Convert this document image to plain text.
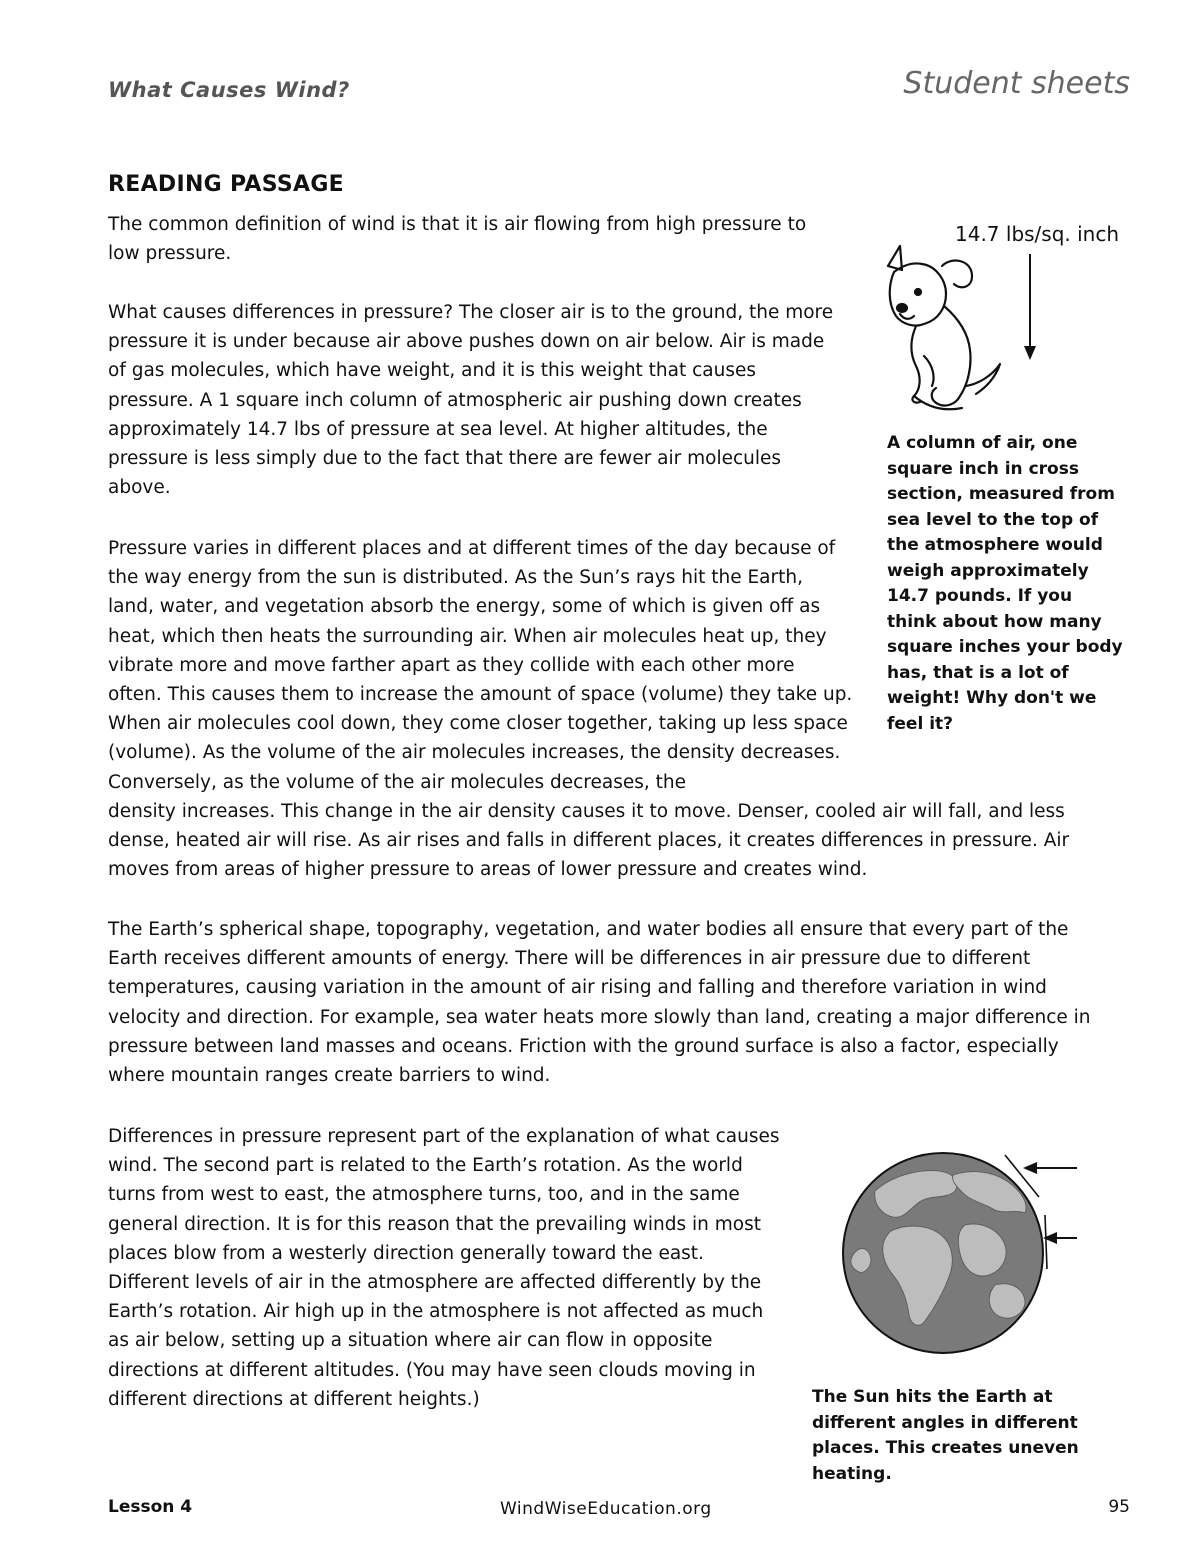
What Causes Wind?	Student sheets
READING PASSAGE

The common definition of wind is that it is air flowing from high pressure to low pressure.

What causes differences in pressure? The closer air is to the ground, the more pressure it is under because air above pushes down on air below. Air is made of gas molecules, which have weight, and it is this weight that causes pressure. A 1 square inch column of atmospheric air pushing down creates approximately 14.7 lbs of pressure at sea level. At higher altitudes, the pressure is less simply due to the fact that there are fewer air molecules above.

Pressure varies in different places and at different times of the day because of the way energy from the sun is distributed. As the Sun’s rays hit the Earth, land, water, and vegetation absorb the energy, some of which is given off as heat, which then heats the surrounding air. When air molecules heat up, they vibrate more and move farther apart as they collide with each other more often. This causes them to increase the amount of space (volume) they take up. When air molecules cool down, they come closer together, taking up less space (volume). As the volume of the air molecules increases, the density decreases. Conversely, as the volume of the air molecules decreases, the

density increases. This change in the air density causes it to move. Denser, cooled air will fall, and less dense, heated air will rise. As air rises and falls in different places, it creates differences in pressure. Air moves from areas of higher pressure to areas of lower pressure and creates wind.

The Earth’s spherical shape, topography, vegetation, and water bodies all ensure that every part of the Earth receives different amounts of energy. There will be differences in air pressure due to different temperatures, causing variation in the amount of air rising and falling and therefore variation in wind velocity and direction. For example, sea water heats more slowly than land, creating a major difference in pressure between land masses and oceans. Friction with the ground surface is also a factor, especially where mountain ranges create barriers to wind.

Differences in pressure represent part of the explanation of what causes wind. The second part is related to the Earth’s rotation. As the world turns from west to east, the atmosphere turns, too, and in the same general direction. It is for this reason that the prevailing winds in most places blow from a westerly direction generally toward the east. Different levels of air in the atmosphere are affected differently by the Earth’s rotation. Air high up in the atmosphere is not affected as much as air below, setting up a situation where air can flow in opposite directions at different altitudes. (You may have seen clouds moving in different directions at different heights.)

14.7 lbs/sq. inch

A column of air, one square inch in cross section, measured from sea level to the top of the atmosphere would weigh approximately 14.7 pounds. If you think about how many square inches your body has, that is a lot of weight! Why don't we feel it?

The Sun hits the Earth at different angles in different places. This creates uneven heating.

Lesson 4	WindWiseEducation.org	95
